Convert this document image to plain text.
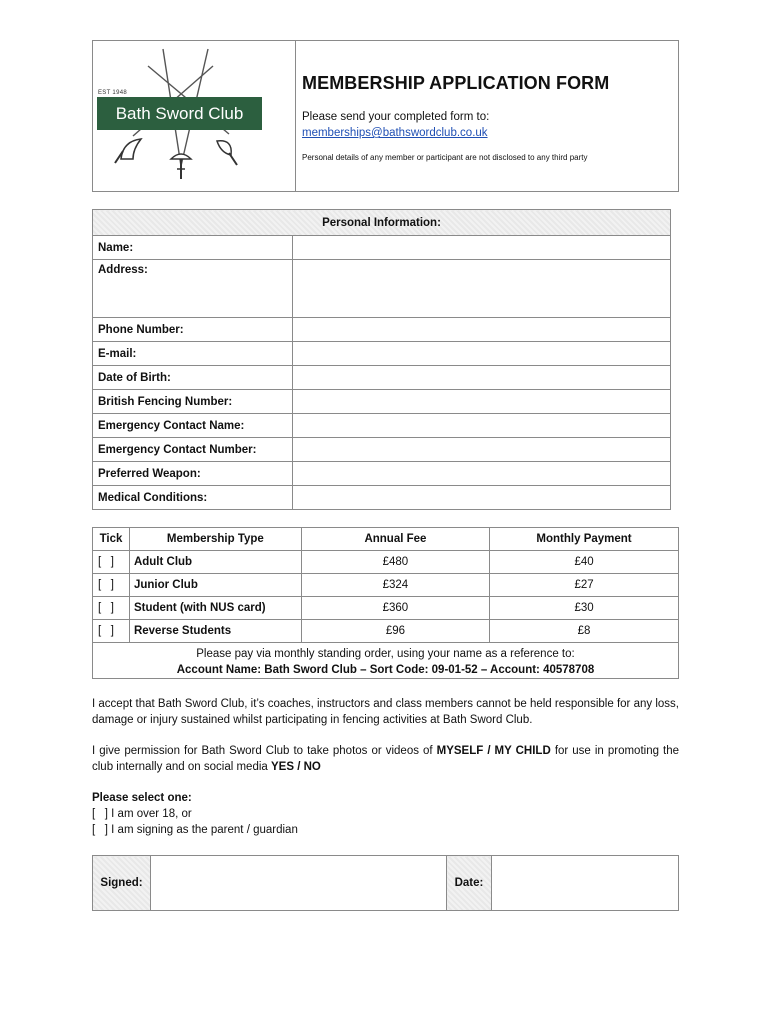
EST 1948
Bath Sword Club
MEMBERSHIP APPLICATION FORM
Please send your completed form to:
memberships@bathswordclub.co.uk
Personal details of any member or participant are not disclosed to any third party
Personal Information:	
Name:	
Address:	
Phone Number:	
E-mail:	
Date of Birth:	
British Fencing Number:	
Emergency Contact Name:	
Emergency Contact Number:	
Preferred Weapon:	
Medical Conditions:	
Tick	Membership Type	Annual Fee	Monthly Payment
[   ]	Adult Club	£480	£40
[   ]	Junior Club	£324	£27
[   ]	Student (with NUS card)	£360	£30
[   ]	Reverse Students	£96	£8

Please pay via monthly standing order, using your name as a reference to:
Account Name: Bath Sword Club – Sort Code: 09-01-52 – Account: 40578708			
I accept that Bath Sword Club, it’s coaches, instructors and class members cannot be held responsible for any loss, damage or injury sustained whilst participating in fencing activities at Bath Sword Club.
I give permission for Bath Sword Club to take photos or videos of MYSELF / MY CHILD for use in promoting the club internally and on social media YES / NO
Please select one:
[   ] I am over 18, or
[   ] I am signing as the parent / guardian
Signed:		Date:	
